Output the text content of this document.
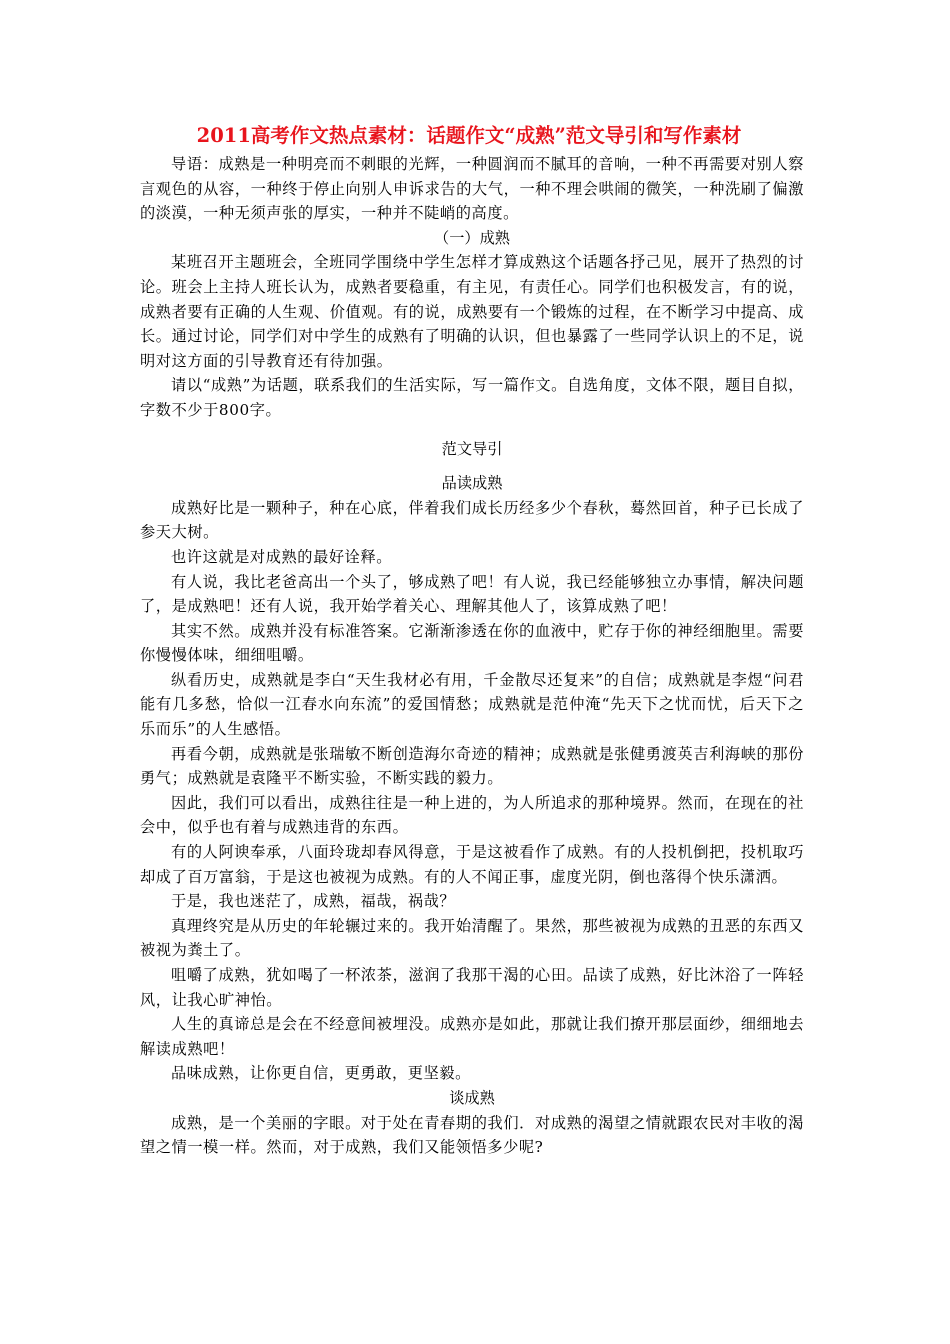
2011高考作文热点素材：话题作文“成熟”范文导引和写作素材

导语：成熟是一种明亮而不刺眼的光辉，一种圆润而不腻耳的音响，一种不再需要对别人察言观色的从容，一种终于停止向别人申诉求告的大气，一种不理会哄闹的微笑，一种洗刷了偏激的淡漠，一种无须声张的厚实，一种并不陡峭的高度。

（一）成熟

某班召开主题班会，全班同学围绕中学生怎样才算成熟这个话题各抒己见，展开了热烈的讨论。班会上主持人班长认为，成熟者要稳重，有主见，有责任心。同学们也积极发言，有的说，成熟者要有正确的人生观、价值观。有的说，成熟要有一个锻炼的过程，在不断学习中提高、成长。通过讨论，同学们对中学生的成熟有了明确的认识，但也暴露了一些同学认识上的不足，说明对这方面的引导教育还有待加强。

请以“成熟”为话题，联系我们的生活实际，写一篇作文。自选角度，文体不限，题目自拟，字数不少于800字。

范文导引

品读成熟

成熟好比是一颗种子，种在心底，伴着我们成长历经多少个春秋，蓦然回首，种子已长成了参天大树。

也许这就是对成熟的最好诠释。

有人说，我比老爸高出一个头了，够成熟了吧！有人说，我已经能够独立办事情，解决问题了，是成熟吧！还有人说，我开始学着关心、理解其他人了，该算成熟了吧！

其实不然。成熟并没有标准答案。它渐渐渗透在你的血液中，贮存于你的神经细胞里。需要你慢慢体味，细细咀嚼。

纵看历史，成熟就是李白“天生我材必有用，千金散尽还复来”的自信；成熟就是李煜“问君能有几多愁，恰似一江春水向东流”的爱国情愁；成熟就是范仲淹“先天下之忧而忧，后天下之乐而乐”的人生感悟。

再看今朝，成熟就是张瑞敏不断创造海尔奇迹的精神；成熟就是张健勇渡英吉利海峡的那份勇气；成熟就是袁隆平不断实验，不断实践的毅力。

因此，我们可以看出，成熟往往是一种上进的，为人所追求的那种境界。然而，在现在的社会中，似乎也有着与成熟违背的东西。

有的人阿谀奉承，八面玲珑却春风得意，于是这被看作了成熟。有的人投机倒把，投机取巧却成了百万富翁，于是这也被视为成熟。有的人不闻正事，虚度光阴，倒也落得个快乐潇洒。

于是，我也迷茫了，成熟，福哉，祸哉？

真理终究是从历史的年轮辗过来的。我开始清醒了。果然，那些被视为成熟的丑恶的东西又被视为粪土了。

咀嚼了成熟，犹如喝了一杯浓茶，滋润了我那干渴的心田。品读了成熟，好比沐浴了一阵轻风，让我心旷神怡。

人生的真谛总是会在不经意间被埋没。成熟亦是如此，那就让我们撩开那层面纱，细细地去解读成熟吧！

品味成熟，让你更自信，更勇敢，更坚毅。

谈成熟

成熟，是一个美丽的字眼。对于处在青春期的我们．对成熟的渴望之情就跟农民对丰收的渴望之情一模一样。然而，对于成熟，我们又能领悟多少呢?
